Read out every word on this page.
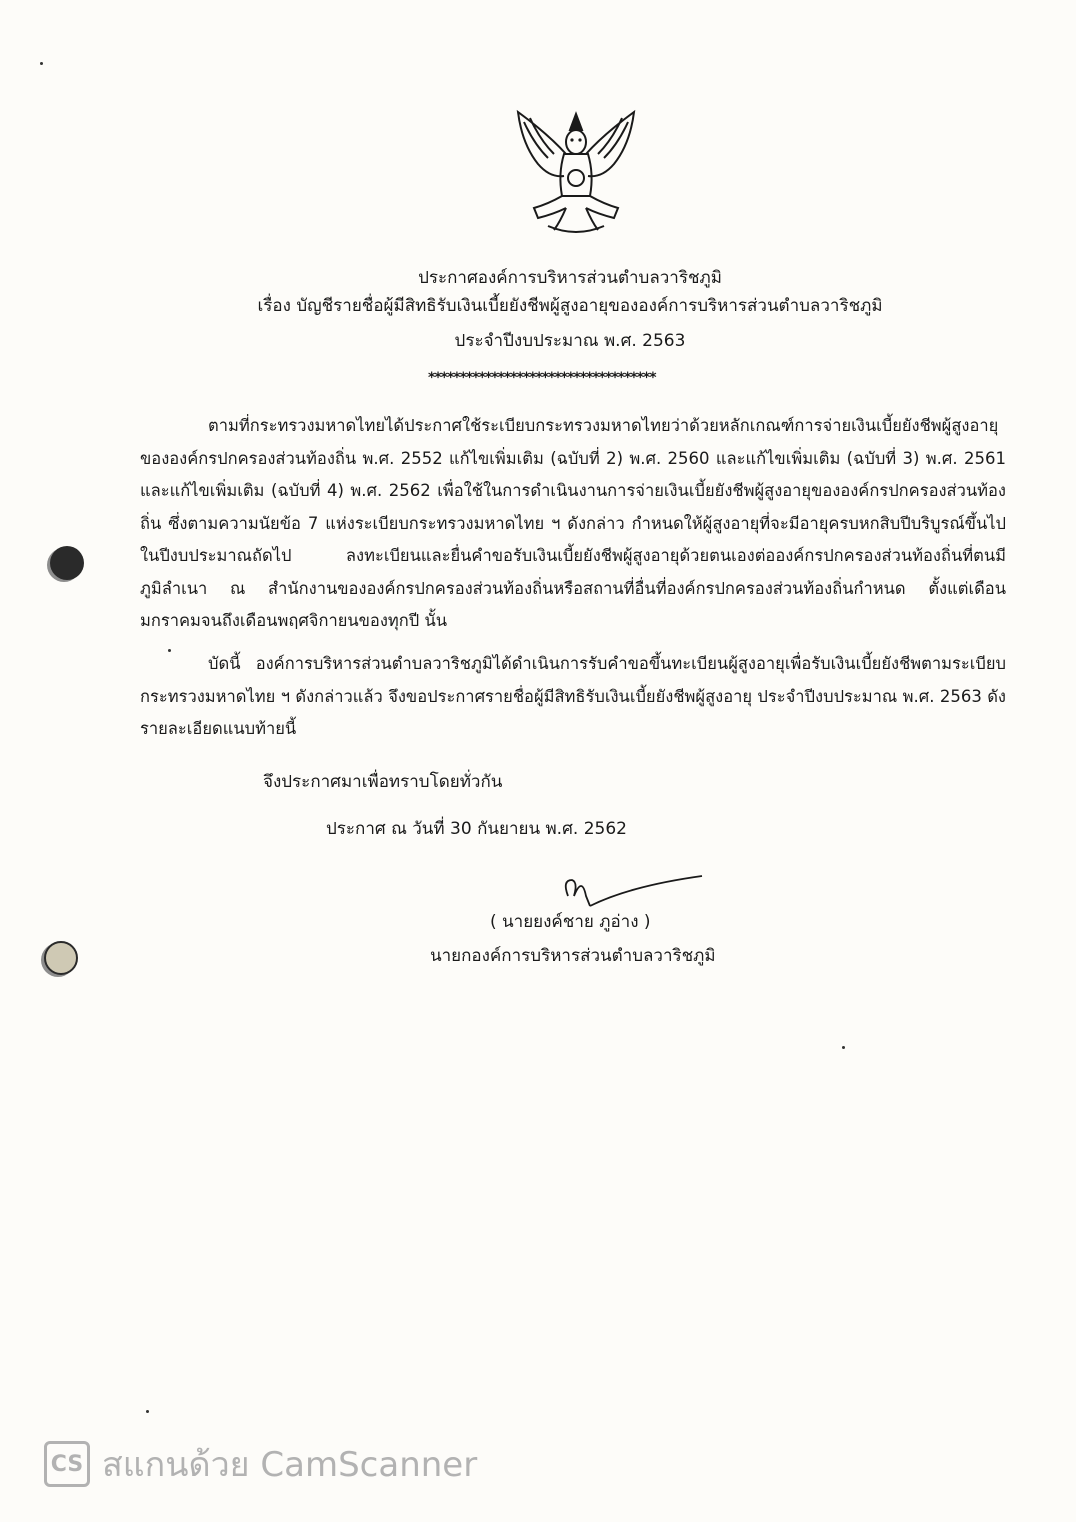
ประกาศองค์การบริหารส่วนตำบลวาริชภูมิ
เรื่อง บัญชีรายชื่อผู้มีสิทธิรับเงินเบี้ยยังชีพผู้สูงอายุขององค์การบริหารส่วนตำบลวาริชภูมิ
ประจำปีงบประมาณ พ.ศ. 2563
************************************
ตามที่กระทรวงมหาดไทยได้ประกาศใช้ระเบียบกระทรวงมหาดไทยว่าด้วยหลักเกณฑ์การจ่ายเงินเบี้ยยังชีพผู้สูงอายุขององค์กรปกครองส่วนท้องถิ่น พ.ศ. 2552 แก้ไขเพิ่มเติม (ฉบับที่ 2) พ.ศ. 2560 และแก้ไขเพิ่มเติม (ฉบับที่ 3) พ.ศ. 2561 และแก้ไขเพิ่มเติม (ฉบับที่ 4) พ.ศ. 2562 เพื่อใช้ในการดำเนินงานการจ่ายเงินเบี้ยยังชีพผู้สูงอายุขององค์กรปกครองส่วนท้องถิ่น ซึ่งตามความนัยข้อ 7 แห่งระเบียบกระทรวงมหาดไทย ฯ ดังกล่าว กำหนดให้ผู้สูงอายุที่จะมีอายุครบหกสิบปีบริบูรณ์ขึ้นไปในปีงบประมาณถัดไป ลงทะเบียนและยื่นคำขอรับเงินเบี้ยยังชีพผู้สูงอายุด้วยตนเองต่อองค์กรปกครองส่วนท้องถิ่นที่ตนมีภูมิลำเนา ณ สำนักงานขององค์กรปกครองส่วนท้องถิ่นหรือสถานที่อื่นที่องค์กรปกครองส่วนท้องถิ่นกำหนด ตั้งแต่เดือนมกราคมจนถึงเดือนพฤศจิกายนของทุกปี นั้น
บัดนี้ องค์การบริหารส่วนตำบลวาริชภูมิได้ดำเนินการรับคำขอขึ้นทะเบียนผู้สูงอายุเพื่อรับเงินเบี้ยยังชีพตามระเบียบกระทรวงมหาดไทย ฯ ดังกล่าวแล้ว จึงขอประกาศรายชื่อผู้มีสิทธิรับเงินเบี้ยยังชีพผู้สูงอายุ ประจำปีงบประมาณ พ.ศ. 2563 ดังรายละเอียดแนบท้ายนี้
จึงประกาศมาเพื่อทราบโดยทั่วกัน
ประกาศ ณ วันที่ 30 กันยายน พ.ศ. 2562
( นายยงค์ชาย ภูอ่าง )
นายกองค์การบริหารส่วนตำบลวาริชภูมิ
CS สแกนด้วย CamScanner
